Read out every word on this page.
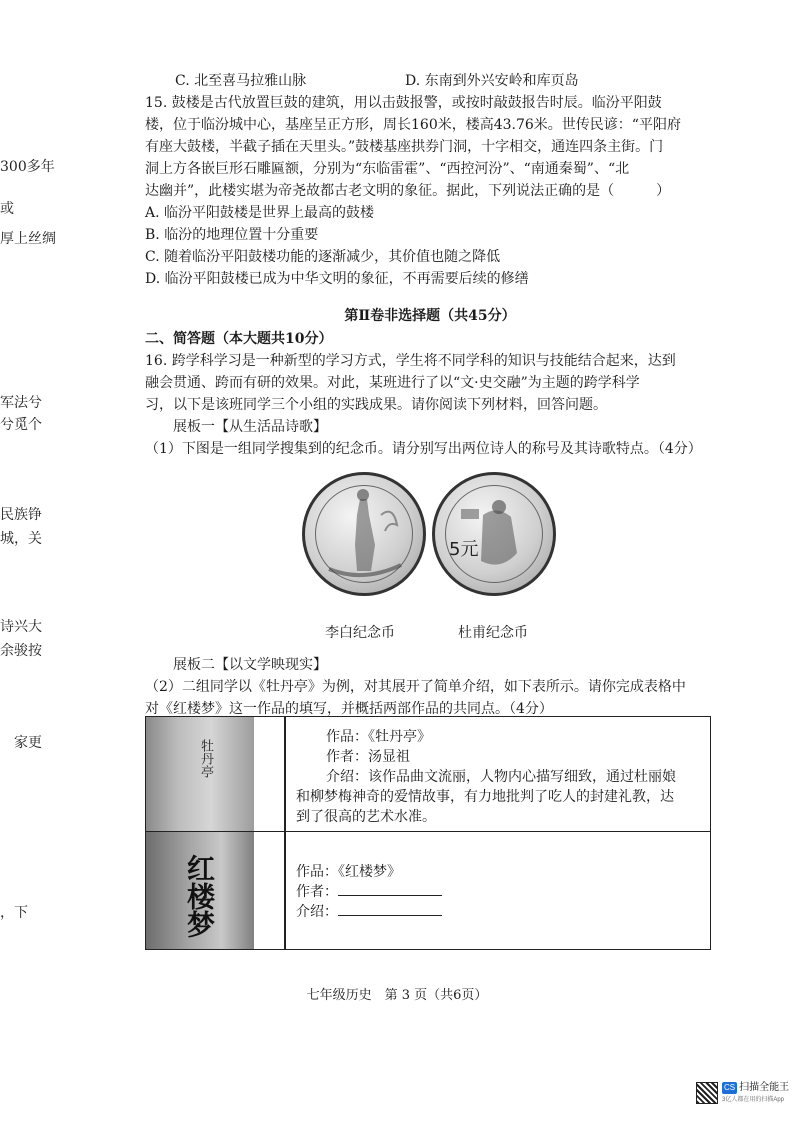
300多年
或
厚上丝绸
军法兮
兮觅个
民族铮
城，关
诗兴大
余骏按
家更
，下
C. 北至喜马拉雅山脉	D. 东南到外兴安岭和库页岛
15. 鼓楼是古代放置巨鼓的建筑，用以击鼓报警，或按时敲鼓报告时辰。临汾平阳鼓
楼，位于临汾城中心，基座呈正方形，周长160米，楼高43.76米。世传民谚：“平阳府
有座大鼓楼，半截子插在天里头。”鼓楼基座拱券门洞，十字相交，通连四条主街。门
洞上方各嵌巨形石雕匾额，分别为“东临雷霍”、“西控河汾”、“南通秦蜀”、“北
达幽并”，此楼实堪为帝尧故都古老文明的象征。据此，下列说法正确的是（　　　）
A. 临汾平阳鼓楼是世界上最高的鼓楼
B. 临汾的地理位置十分重要
C. 随着临汾平阳鼓楼功能的逐渐减少，其价值也随之降低
D. 临汾平阳鼓楼已成为中华文明的象征，不再需要后续的修缮
第Ⅱ卷非选择题（共45分）
二、简答题（本大题共10分）
16. 跨学科学习是一种新型的学习方式，学生将不同学科的知识与技能结合起来，达到
融会贯通、跨而有研的效果。对此，某班进行了以“文·史交融”为主题的跨学科学
习，以下是该班同学三个小组的实践成果。请你阅读下列材料，回答问题。
展板一【从生活品诗歌】
（1）下图是一组同学搜集到的纪念币。请分别写出两位诗人的称号及其诗歌特点。（4分）
5元
李白纪念币	杜甫纪念币
展板二【以文学映现实】
（2）二组同学以《牡丹亭》为例，对其展开了简单介绍，如下表所示。请你完成表格中
对《红楼梦》这一作品的填写，并概括两部作品的共同点。（4分）
牡丹亭
作品：《牡丹亭》
作者：汤显祖
介绍：该作品曲文流丽，人物内心描写细致，通过杜丽娘
和柳梦梅神奇的爱情故事，有力地批判了吃人的封建礼教，达
到了很高的艺术水准。
红楼梦	作品：《红楼梦》
作者：
介绍：
七年级历史　第 3 页（共6页）
CS 扫描全能王
3亿人都在用的扫描App
